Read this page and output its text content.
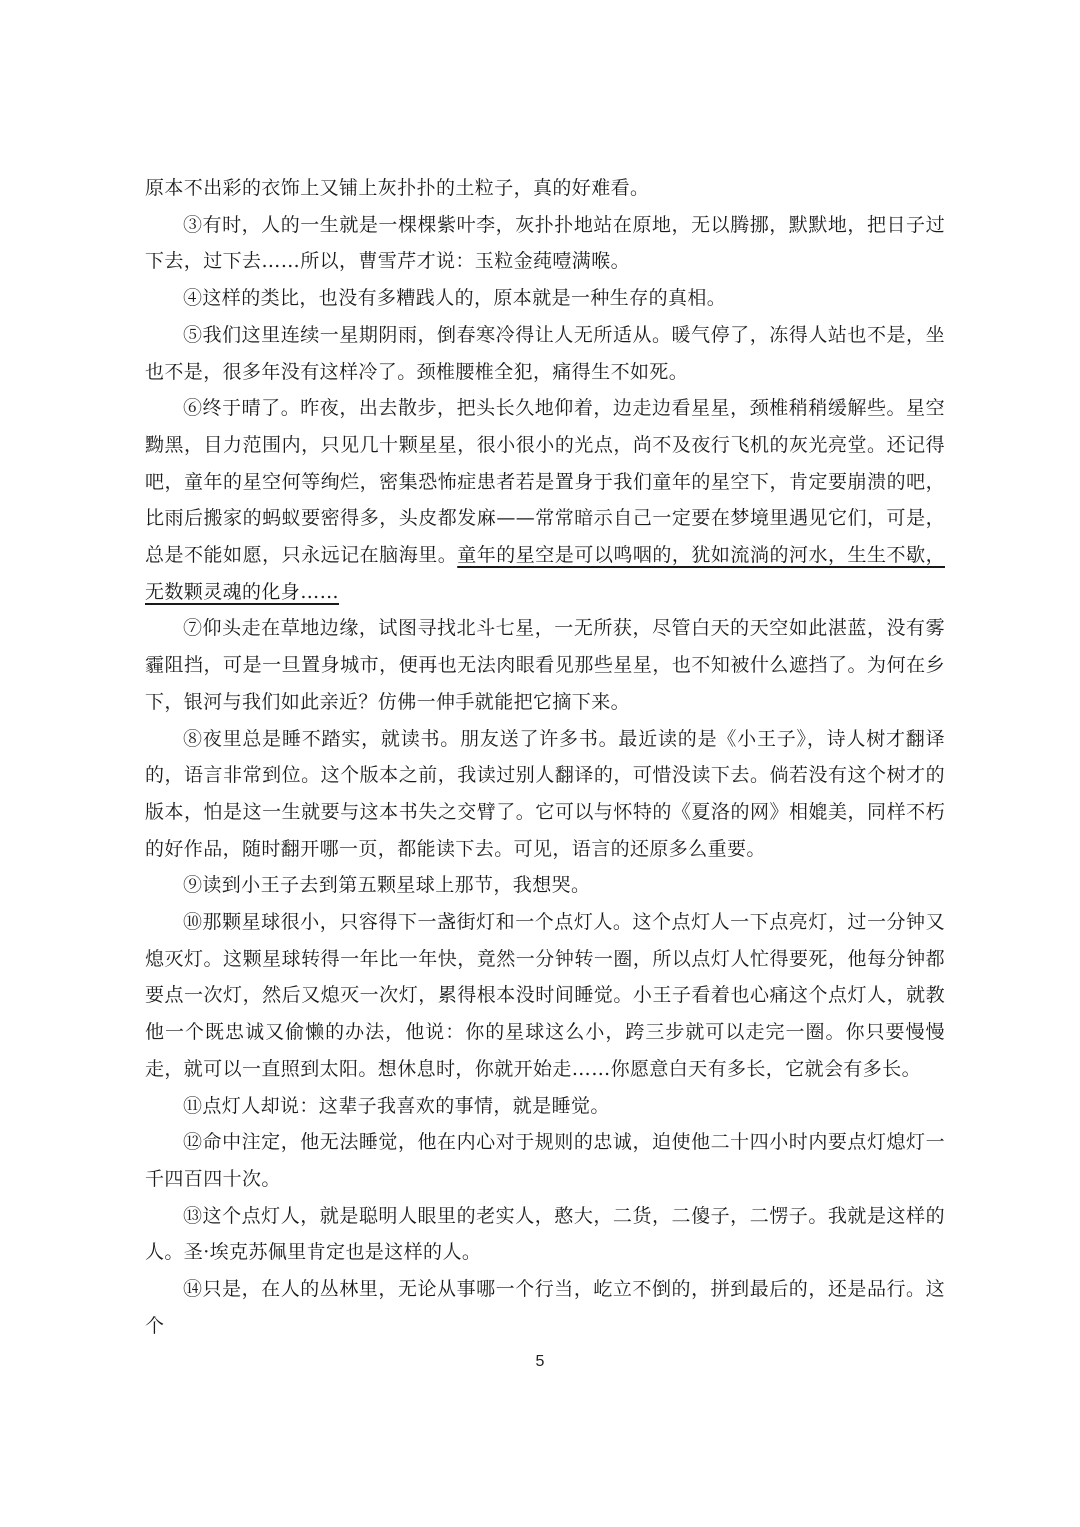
原本不出彩的衣饰上又铺上灰扑扑的土粒子，真的好难看。

③有时，人的一生就是一棵棵紫叶李，灰扑扑地站在原地，无以腾挪，默默地，把日子过下去，过下去……所以，曹雪芹才说：玉粒金莼噎满喉。

④这样的类比，也没有多糟践人的，原本就是一种生存的真相。

⑤我们这里连续一星期阴雨，倒春寒冷得让人无所适从。暖气停了，冻得人站也不是，坐也不是，很多年没有这样冷了。颈椎腰椎全犯，痛得生不如死。

⑥终于晴了。昨夜，出去散步，把头长久地仰着，边走边看星星，颈椎稍稍缓解些。星空黝黑，目力范围内，只见几十颗星星，很小很小的光点，尚不及夜行飞机的灰光亮堂。还记得吧，童年的星空何等绚烂，密集恐怖症患者若是置身于我们童年的星空下，肯定要崩溃的吧，比雨后搬家的蚂蚁要密得多，头皮都发麻——常常暗示自己一定要在梦境里遇见它们，可是，总是不能如愿，只永远记在脑海里。童年的星空是可以鸣咽的，犹如流淌的河水，生生不歇，无数颗灵魂的化身……

⑦仰头走在草地边缘，试图寻找北斗七星，一无所获，尽管白天的天空如此湛蓝，没有雾霾阻挡，可是一旦置身城市，便再也无法肉眼看见那些星星，也不知被什么遮挡了。为何在乡下，银河与我们如此亲近？仿佛一伸手就能把它摘下来。

⑧夜里总是睡不踏实，就读书。朋友送了许多书。最近读的是《小王子》，诗人树才翻译的，语言非常到位。这个版本之前，我读过别人翻译的，可惜没读下去。倘若没有这个树才的版本，怕是这一生就要与这本书失之交臂了。它可以与怀特的《夏洛的网》相媲美，同样不朽的好作品，随时翻开哪一页，都能读下去。可见，语言的还原多么重要。

⑨读到小王子去到第五颗星球上那节，我想哭。

⑩那颗星球很小，只容得下一盏街灯和一个点灯人。这个点灯人一下点亮灯，过一分钟又熄灭灯。这颗星球转得一年比一年快，竟然一分钟转一圈，所以点灯人忙得要死，他每分钟都要点一次灯，然后又熄灭一次灯，累得根本没时间睡觉。小王子看着也心痛这个点灯人，就教他一个既忠诚又偷懒的办法，他说：你的星球这么小，跨三步就可以走完一圈。你只要慢慢走，就可以一直照到太阳。想休息时，你就开始走……你愿意白天有多长，它就会有多长。

⑪点灯人却说：这辈子我喜欢的事情，就是睡觉。

⑫命中注定，他无法睡觉，他在内心对于规则的忠诚，迫使他二十四小时内要点灯熄灯一千四百四十次。

⑬这个点灯人，就是聪明人眼里的老实人，憨大，二货，二傻子，二愣子。我就是这样的人。圣·埃克苏佩里肯定也是这样的人。

⑭只是，在人的丛林里，无论从事哪一个行当，屹立不倒的，拼到最后的，还是品行。这个

5
